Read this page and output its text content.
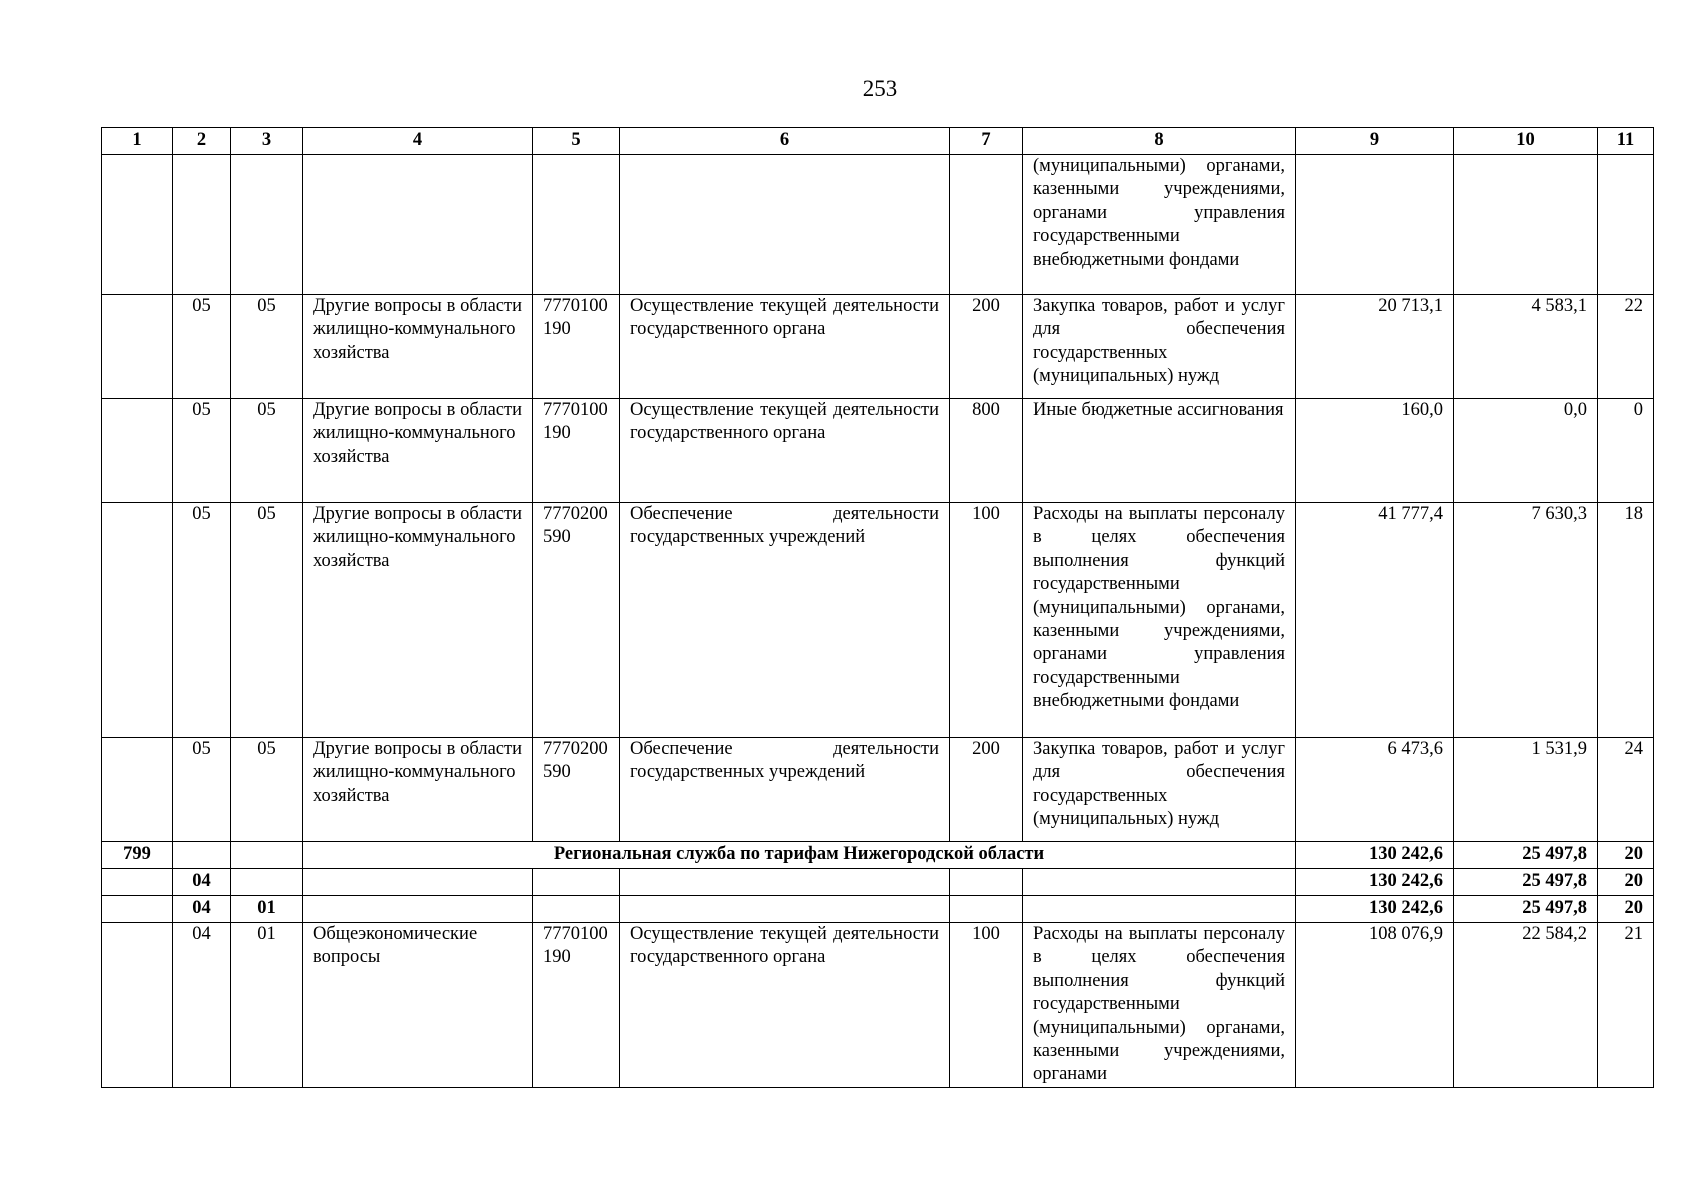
253
1	2	3	4	5	6	7	8	9	10	11
							(муниципальными) органами, казенными учреждениями, органами управления государственными внебюджетными фондами			
	05	05	Другие вопросы в области жилищно-коммунального хозяйства	7770100190	Осуществление текущей деятельности государственного органа	200	Закупка товаров, работ и услуг для обеспечения государственных (муниципальных) нужд	20 713,1	4 583,1	22
	05	05	Другие вопросы в области жилищно-коммунального хозяйства	7770100190	Осуществление текущей деятельности государственного органа	800	Иные бюджетные ассигнования	160,0	0,0	0
	05	05	Другие вопросы в области жилищно-коммунального хозяйства	7770200590	Обеспечение деятельности государственных учреждений	100	Расходы на выплаты персоналу в целях обеспечения выполнения функций государственными (муниципальными) органами, казенными учреждениями, органами управления государственными внебюджетными фондами	41 777,4	7 630,3	18
	05	05	Другие вопросы в области жилищно-коммунального хозяйства	7770200590	Обеспечение деятельности государственных учреждений	200	Закупка товаров, работ и услуг для обеспечения государственных (муниципальных) нужд	6 473,6	1 531,9	24
799			Региональная служба по тарифам Нижегородской области					130 242,6	25 497,8	20
	04							130 242,6	25 497,8	20
	04	01						130 242,6	25 497,8	20
	04	01	Общеэкономические вопросы	7770100190	Осуществление текущей деятельности государственного органа	100	Расходы на выплаты персоналу в целях обеспечения выполнения функций государственными (муниципальными) органами, казенными учреждениями, органами	108 076,9	22 584,2	21
